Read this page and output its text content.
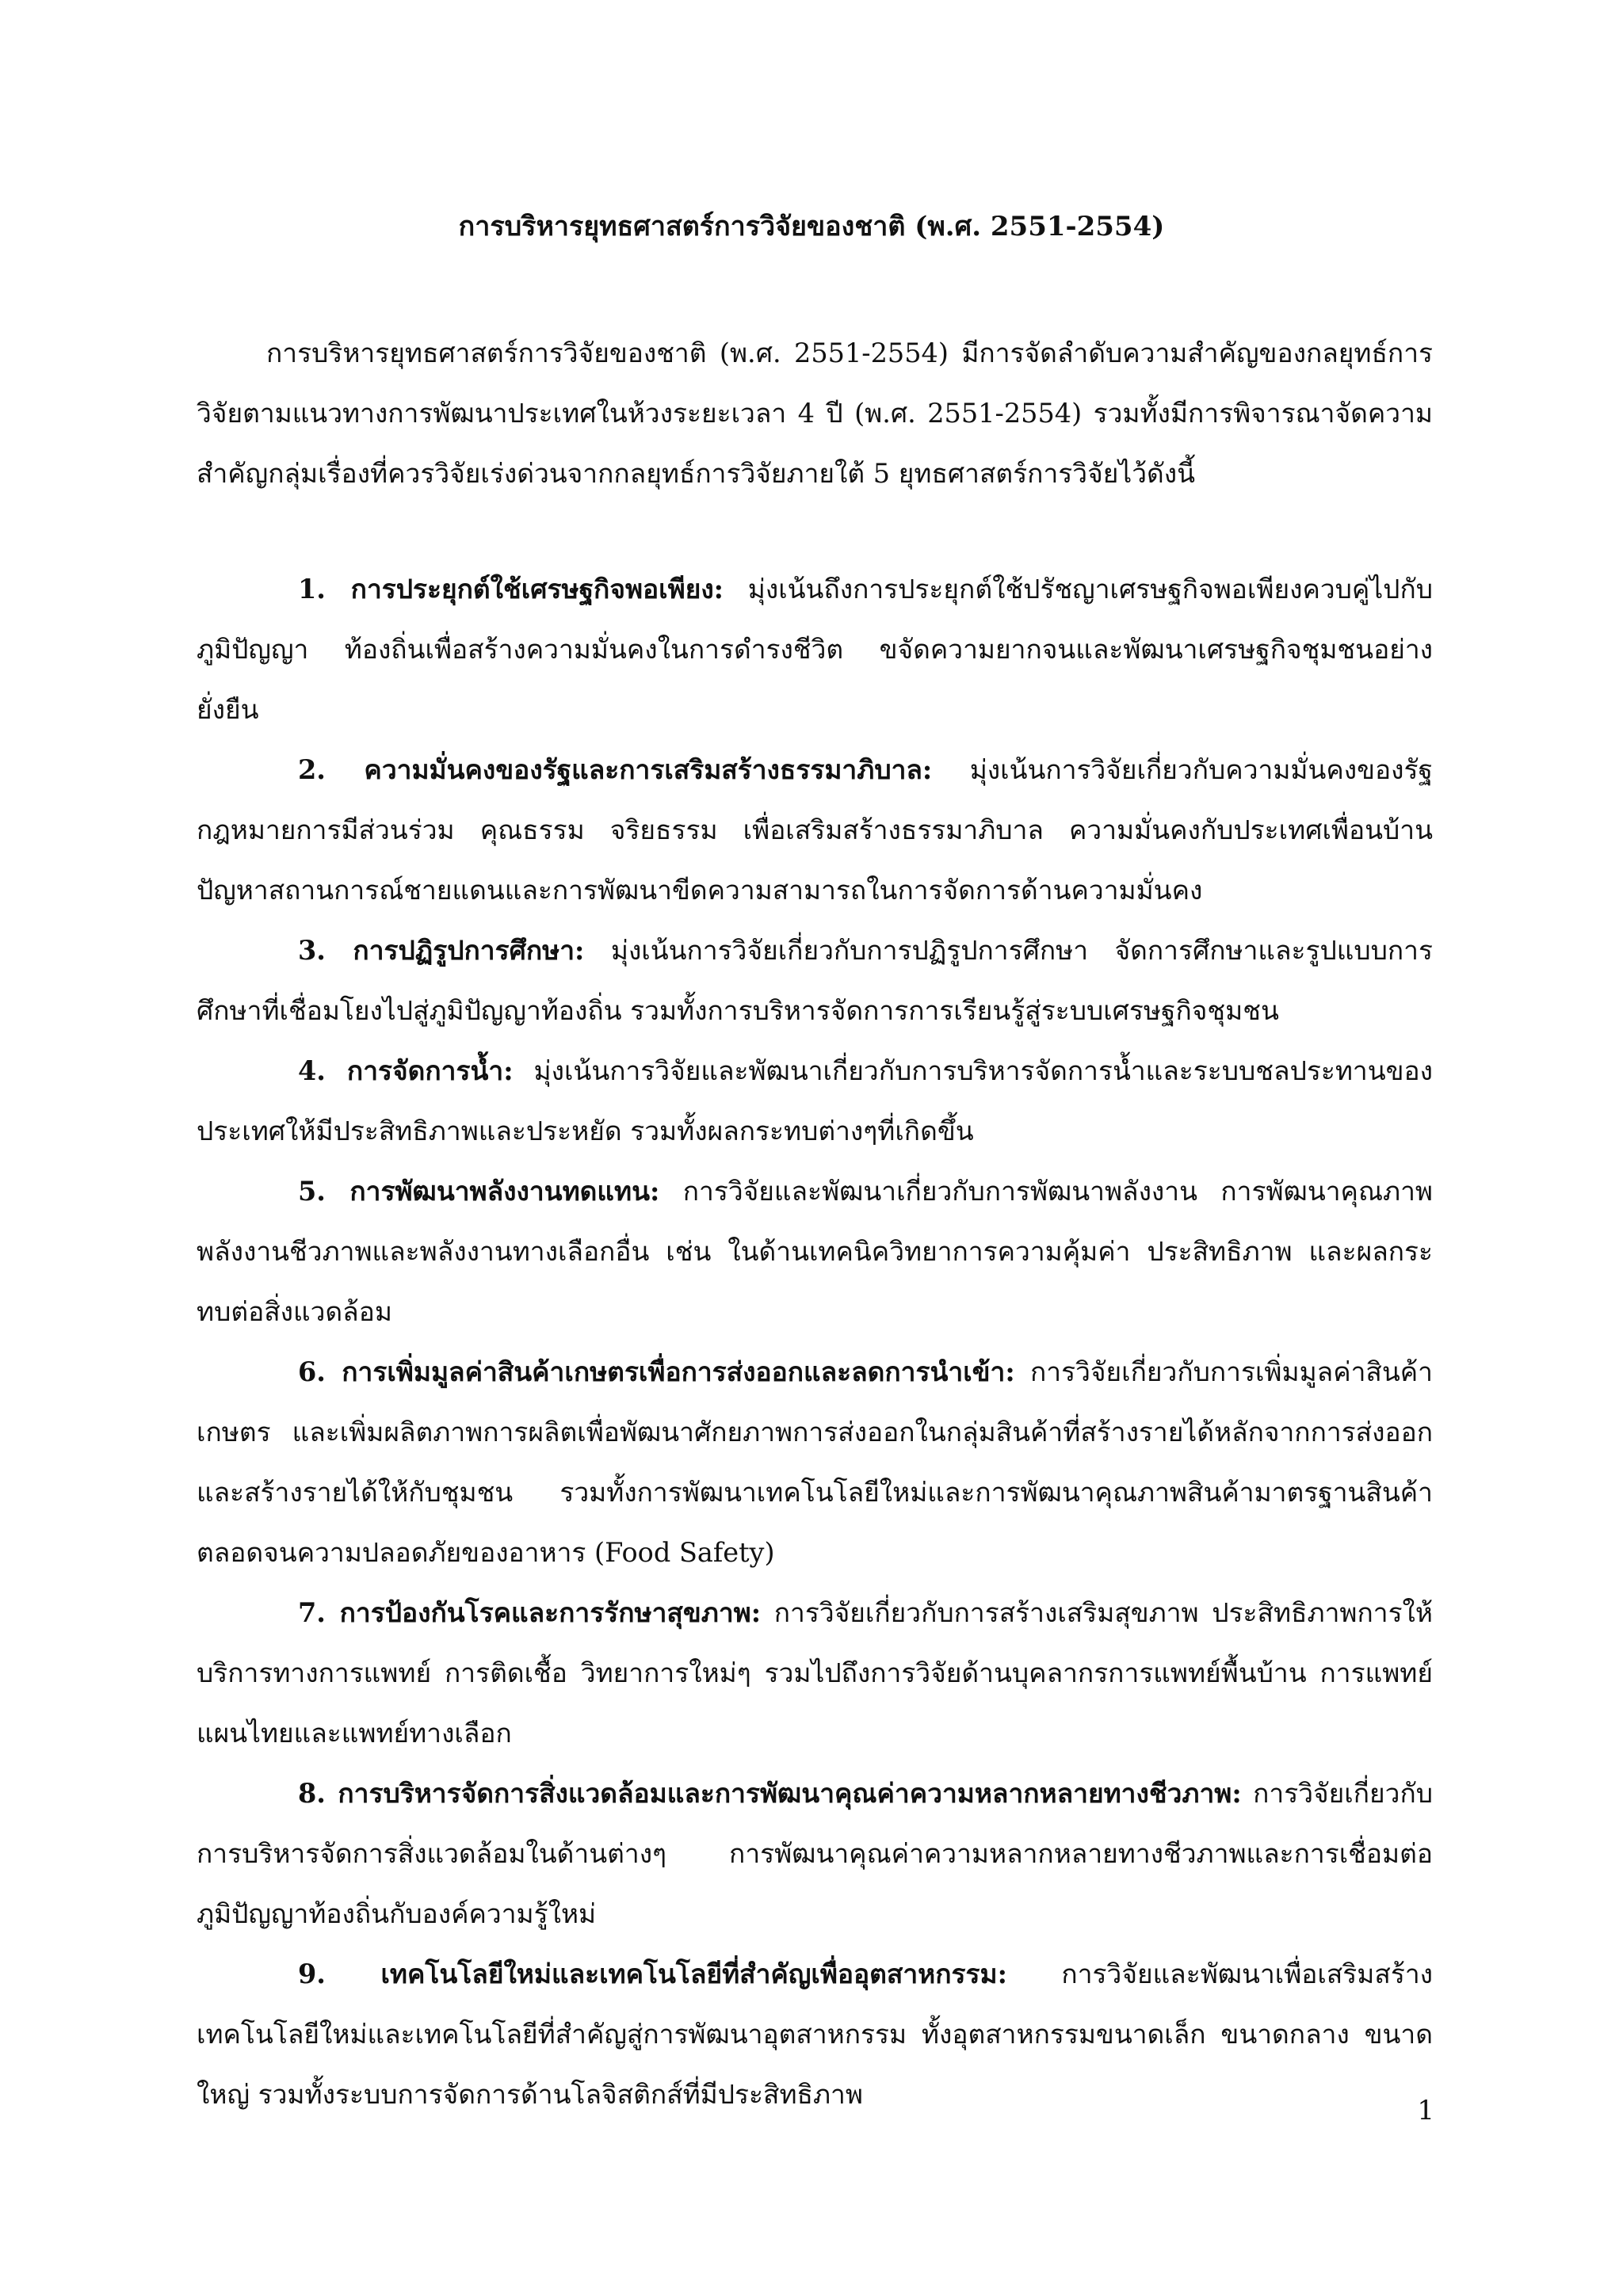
การบริหารยุทธศาสตร์การวิจัยของชาติ (พ.ศ. 2551-2554)

การบริหารยุทธศาสตร์การวิจัยของชาติ (พ.ศ. 2551-2554) มีการจัดลำดับความสำคัญของกลยุทธ์การวิจัยตามแนวทางการพัฒนาประเทศในห้วงระยะเวลา 4 ปี (พ.ศ. 2551-2554) รวมทั้งมีการพิจารณาจัดความสำคัญกลุ่มเรื่องที่ควรวิจัยเร่งด่วนจากกลยุทธ์การวิจัยภายใต้ 5 ยุทธศาสตร์การวิจัยไว้ดังนี้

1. การประยุกต์ใช้เศรษฐกิจพอเพียง: มุ่งเน้นถึงการประยุกต์ใช้ปรัชญาเศรษฐกิจพอเพียงควบคู่ไปกับภูมิปัญญา ท้องถิ่นเพื่อสร้างความมั่นคงในการดำรงชีวิต ขจัดความยากจนและพัฒนาเศรษฐกิจชุมชนอย่างยั่งยืน

2. ความมั่นคงของรัฐและการเสริมสร้างธรรมาภิบาล: มุ่งเน้นการวิจัยเกี่ยวกับความมั่นคงของรัฐ กฎหมายการมีส่วนร่วม คุณธรรม จริยธรรม เพื่อเสริมสร้างธรรมาภิบาล ความมั่นคงกับประเทศเพื่อนบ้าน ปัญหาสถานการณ์ชายแดนและการพัฒนาขีดความสามารถในการจัดการด้านความมั่นคง

3. การปฏิรูปการศึกษา: มุ่งเน้นการวิจัยเกี่ยวกับการปฏิรูปการศึกษา จัดการศึกษาและรูปแบบการศึกษาที่เชื่อมโยงไปสู่ภูมิปัญญาท้องถิ่น รวมทั้งการบริหารจัดการการเรียนรู้สู่ระบบเศรษฐกิจชุมชน

4. การจัดการน้ำ: มุ่งเน้นการวิจัยและพัฒนาเกี่ยวกับการบริหารจัดการน้ำและระบบชลประทานของประเทศให้มีประสิทธิภาพและประหยัด รวมทั้งผลกระทบต่างๆที่เกิดขึ้น

5. การพัฒนาพลังงานทดแทน: การวิจัยและพัฒนาเกี่ยวกับการพัฒนาพลังงาน การพัฒนาคุณภาพพลังงานชีวภาพและพลังงานทางเลือกอื่น เช่น ในด้านเทคนิควิทยาการความคุ้มค่า ประสิทธิภาพ และผลกระทบต่อสิ่งแวดล้อม

6. การเพิ่มมูลค่าสินค้าเกษตรเพื่อการส่งออกและลดการนำเข้า: การวิจัยเกี่ยวกับการเพิ่มมูลค่าสินค้าเกษตร และเพิ่มผลิตภาพการผลิตเพื่อพัฒนาศักยภาพการส่งออกในกลุ่มสินค้าที่สร้างรายได้หลักจากการส่งออกและสร้างรายได้ให้กับชุมชน รวมทั้งการพัฒนาเทคโนโลยีใหม่และการพัฒนาคุณภาพสินค้ามาตรฐานสินค้า ตลอดจนความปลอดภัยของอาหาร (Food Safety)

7. การป้องกันโรคและการรักษาสุขภาพ: การวิจัยเกี่ยวกับการสร้างเสริมสุขภาพ ประสิทธิภาพการให้บริการทางการแพทย์ การติดเชื้อ วิทยาการใหม่ๆ รวมไปถึงการวิจัยด้านบุคลากรการแพทย์พื้นบ้าน การแพทย์แผนไทยและแพทย์ทางเลือก

8. การบริหารจัดการสิ่งแวดล้อมและการพัฒนาคุณค่าความหลากหลายทางชีวภาพ: การวิจัยเกี่ยวกับการบริหารจัดการสิ่งแวดล้อมในด้านต่างๆ การพัฒนาคุณค่าความหลากหลายทางชีวภาพและการเชื่อมต่อภูมิปัญญาท้องถิ่นกับองค์ความรู้ใหม่

9. เทคโนโลยีใหม่และเทคโนโลยีที่สำคัญเพื่ออุตสาหกรรม: การวิจัยและพัฒนาเพื่อเสริมสร้างเทคโนโลยีใหม่และเทคโนโลยีที่สำคัญสู่การพัฒนาอุตสาหกรรม ทั้งอุตสาหกรรมขนาดเล็ก ขนาดกลาง ขนาดใหญ่ รวมทั้งระบบการจัดการด้านโลจิสติกส์ที่มีประสิทธิภาพ

1
